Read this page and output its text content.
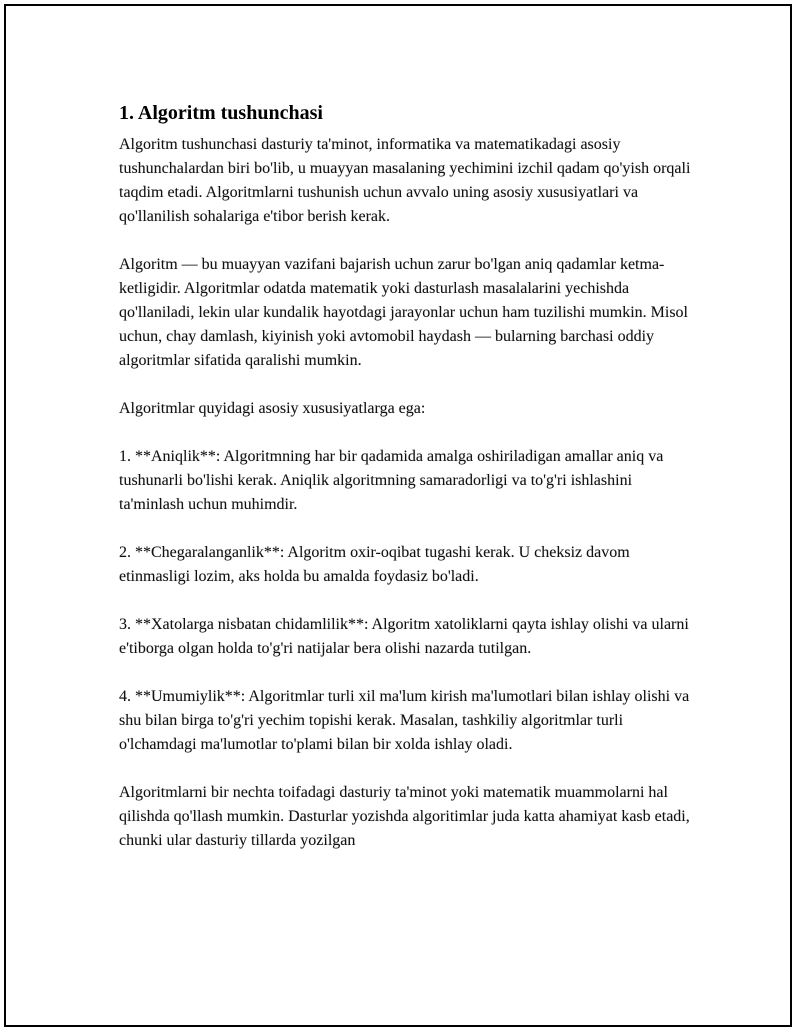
1. Algoritm tushunchasi

Algoritm tushunchasi dasturiy ta'minot, informatika va matematikadagi asosiy tushunchalardan biri bo'lib, u muayyan masalaning yechimini izchil qadam qo'yish orqali taqdim etadi. Algoritmlarni tushunish uchun avvalo uning asosiy xususiyatlari va qo'llanilish sohalariga e'tibor berish kerak.

Algoritm — bu muayyan vazifani bajarish uchun zarur bo'lgan aniq qadamlar ketma-ketligidir. Algoritmlar odatda matematik yoki dasturlash masalalarini yechishda qo'llaniladi, lekin ular kundalik hayotdagi jarayonlar uchun ham tuzilishi mumkin. Misol uchun, chay damlash, kiyinish yoki avtomobil haydash — bularning barchasi oddiy algoritmlar sifatida qaralishi mumkin.

Algoritmlar quyidagi asosiy xususiyatlarga ega:

1. **Aniqlik**: Algoritmning har bir qadamida amalga oshiriladigan amallar aniq va tushunarli bo'lishi kerak. Aniqlik algoritmning samaradorligi va to'g'ri ishlashini ta'minlash uchun muhimdir.

2. **Chegaralanganlik**: Algoritm oxir-oqibat tugashi kerak. U cheksiz davom etinmasligi lozim, aks holda bu amalda foydasiz bo'ladi.

3. **Xatolarga nisbatan chidamlilik**: Algoritm xatoliklarni qayta ishlay olishi va ularni e'tiborga olgan holda to'g'ri natijalar bera olishi nazarda tutilgan.

4. **Umumiylik**: Algoritmlar turli xil ma'lum kirish ma'lumotlari bilan ishlay olishi va shu bilan birga to'g'ri yechim topishi kerak. Masalan, tashkiliy algoritmlar turli o'lchamdagi ma'lumotlar to'plami bilan bir xolda ishlay oladi.

Algoritmlarni bir nechta toifadagi dasturiy ta'minot yoki matematik muammolarni hal qilishda qo'llash mumkin. Dasturlar yozishda algoritimlar juda katta ahamiyat kasb etadi, chunki ular dasturiy tillarda yozilgan
